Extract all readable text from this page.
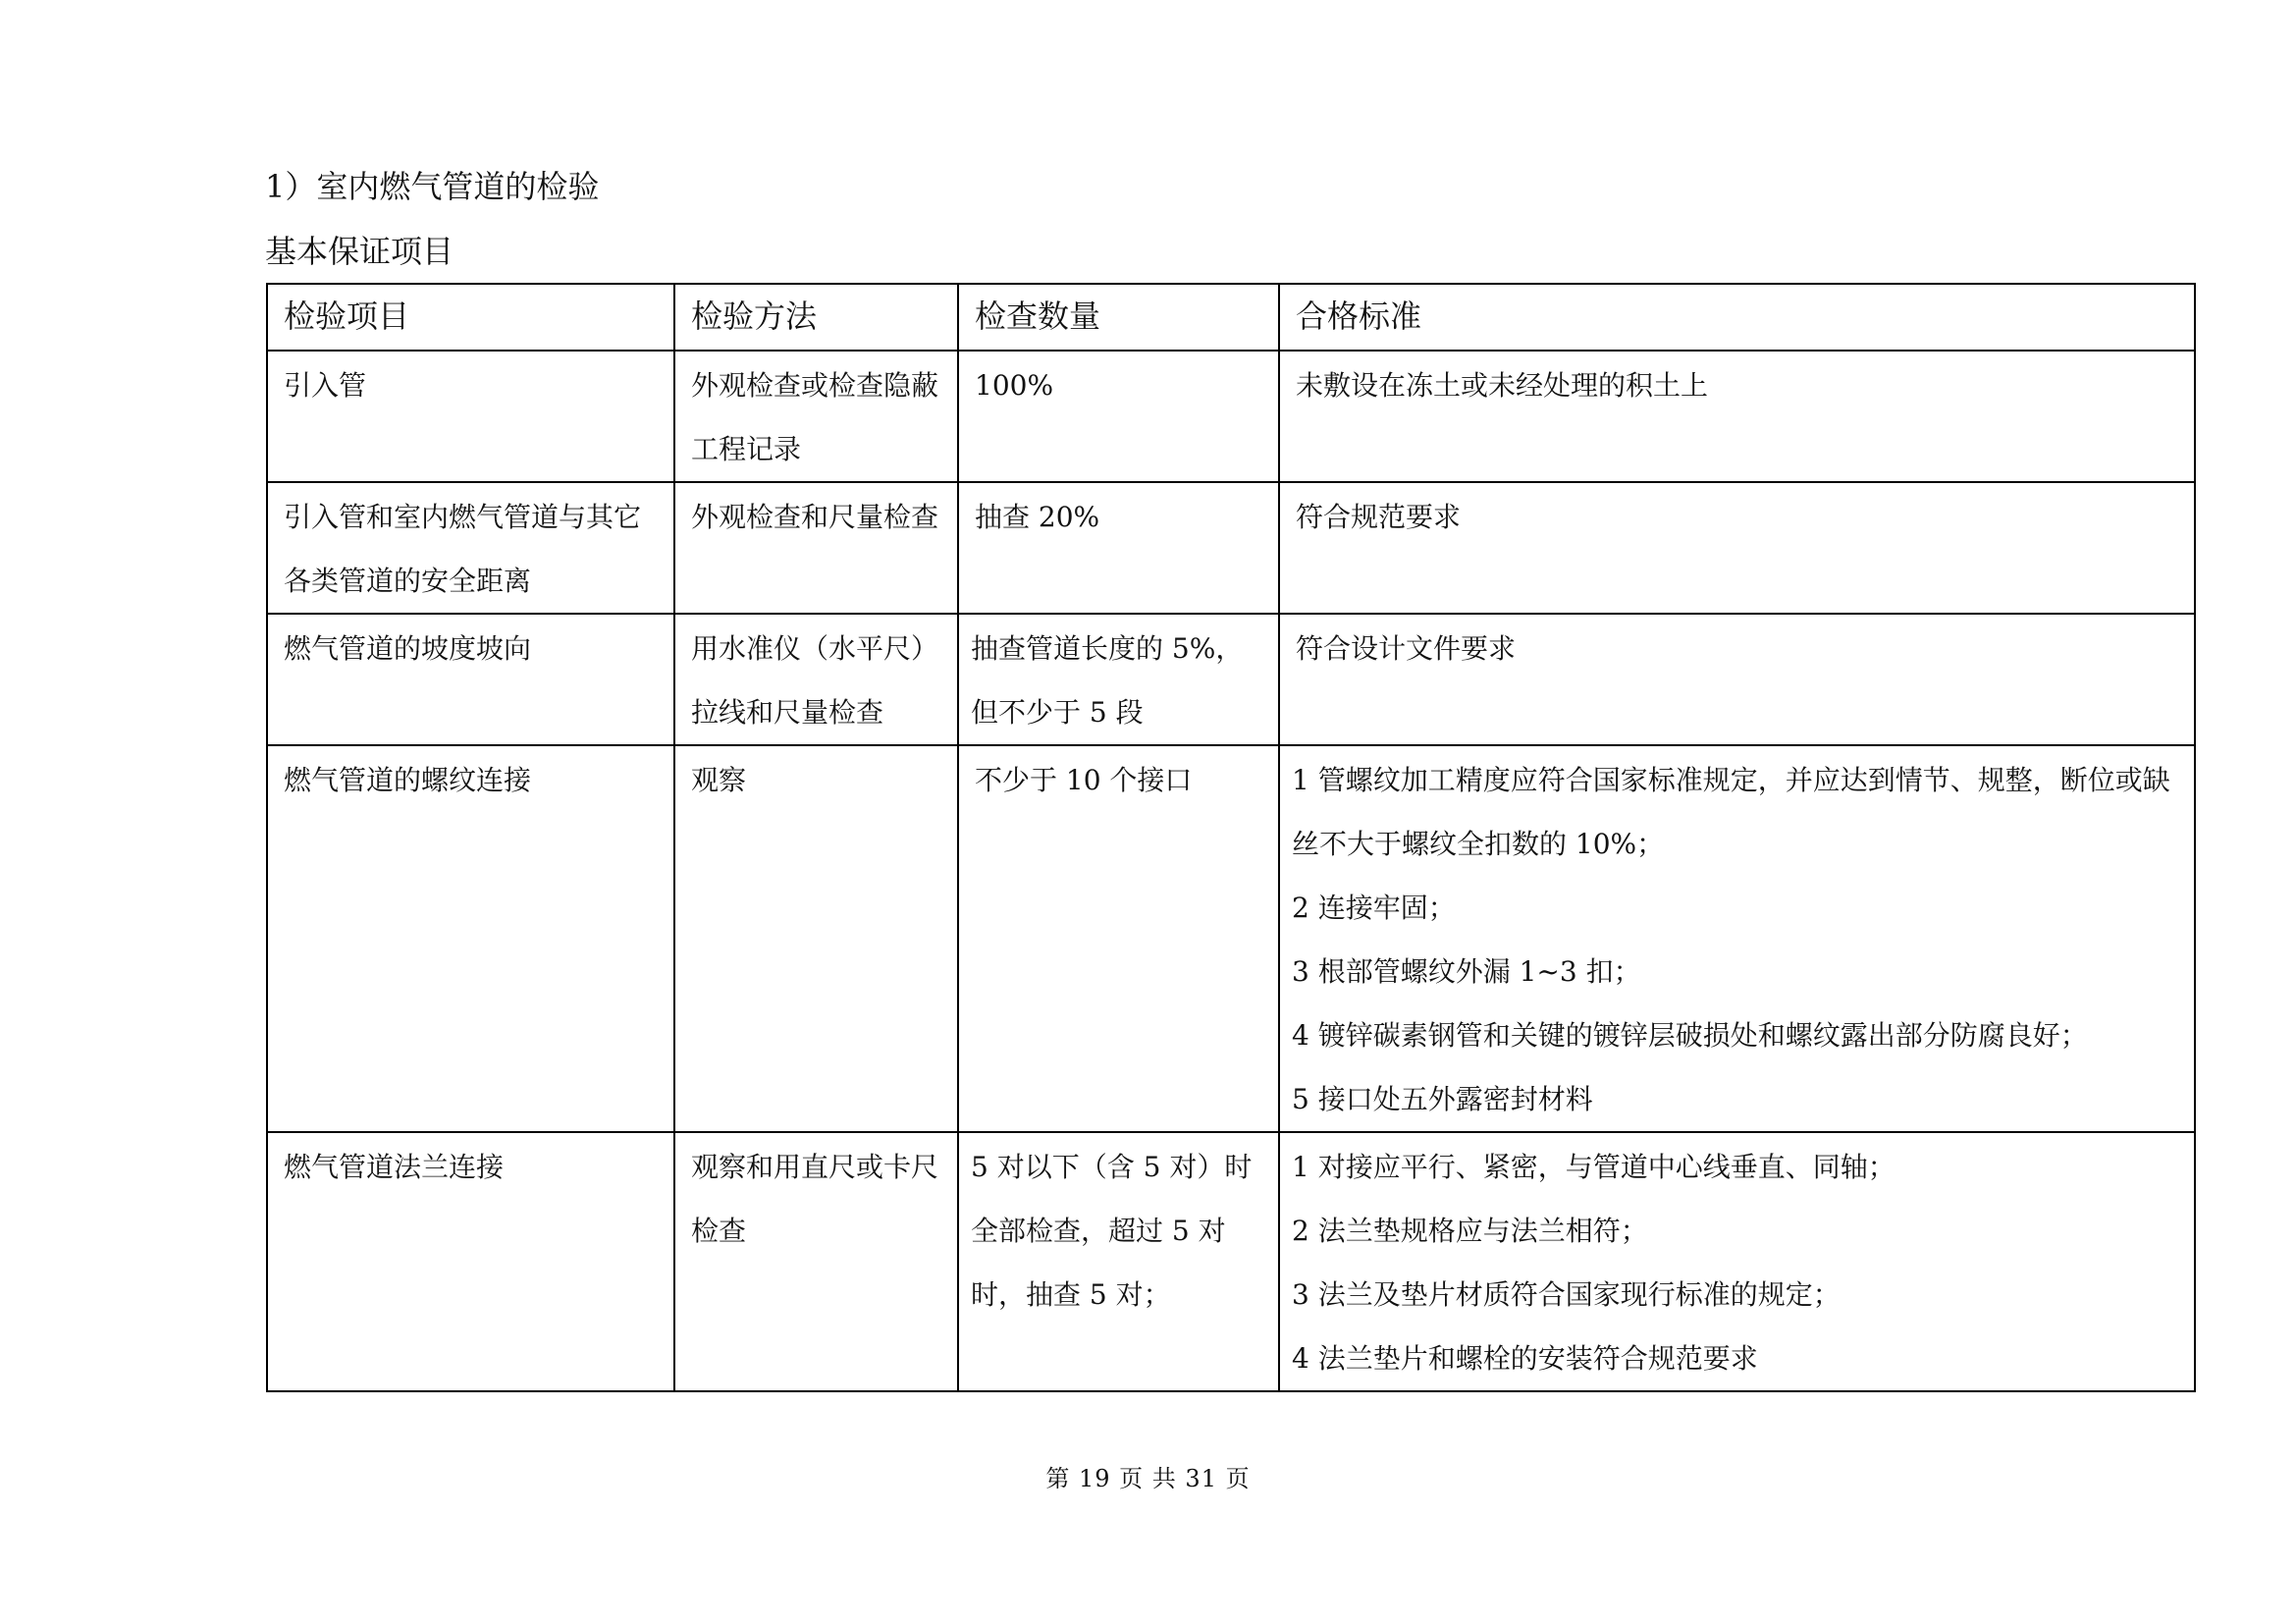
1）室内燃气管道的检验
基本保证项目
检验项目	检验方法	检查数量	合格标准

引入管	外观检查或检查隐蔽工程记录	100%	未敷设在冻土或未经处理的积土上

引入管和室内燃气管道与其它各类管道的安全距离	外观检查和尺量检查	抽查 20%	符合规范要求

燃气管道的坡度坡向	用水准仪（水平尺）拉线和尺量检查	抽查管道长度的 5%，但不少于 5 段	符合设计文件要求

燃气管道的螺纹连接	观察	不少于 10 个接口	1 管螺纹加工精度应符合国家标准规定，并应达到情节、规整，断位或缺丝不大于螺纹全扣数的 10%；
2 连接牢固；
3 根部管螺纹外漏 1~3 扣；
4 镀锌碳素钢管和关键的镀锌层破损处和螺纹露出部分防腐良好；
5 接口处五外露密封材料

燃气管道法兰连接	观察和用直尺或卡尺检查	5 对以下（含 5 对）时全部检查，超过 5 对时，抽查 5 对；	1 对接应平行、紧密，与管道中心线垂直、同轴；
2 法兰垫规格应与法兰相符；
3 法兰及垫片材质符合国家现行标准的规定；
4 法兰垫片和螺栓的安装符合规范要求
第 19 页 共 31 页
